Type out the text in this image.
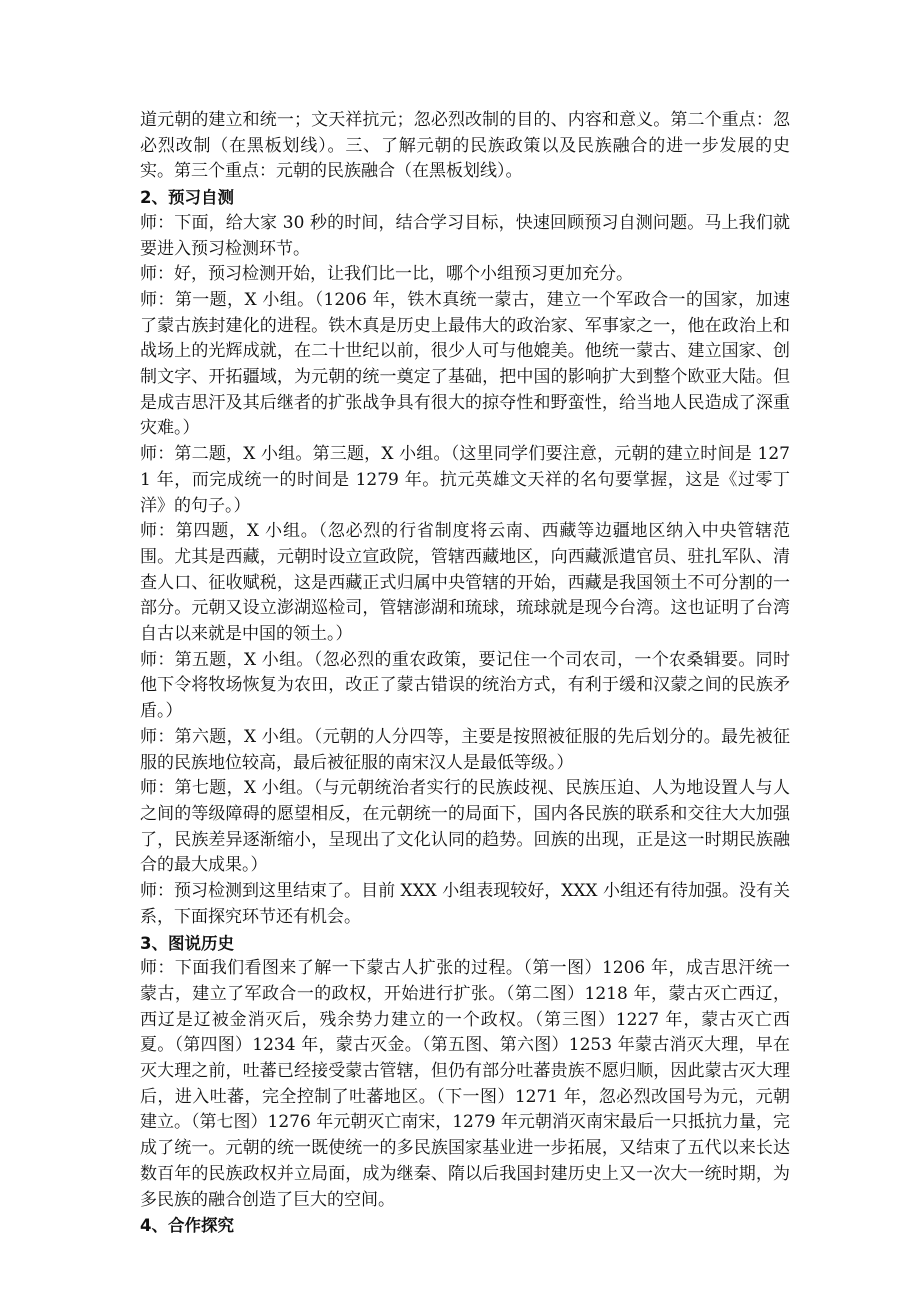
道元朝的建立和统一；文天祥抗元；忽必烈改制的目的、内容和意义。第二个重点：忽必烈改制（在黑板划线）。三、了解元朝的民族政策以及民族融合的进一步发展的史实。第三个重点：元朝的民族融合（在黑板划线）。

2、预习自测

师：下面，给大家 30 秒的时间，结合学习目标，快速回顾预习自测问题。马上我们就要进入预习检测环节。

师：好，预习检测开始，让我们比一比，哪个小组预习更加充分。

师：第一题，X 小组。（1206 年，铁木真统一蒙古，建立一个军政合一的国家，加速了蒙古族封建化的进程。铁木真是历史上最伟大的政治家、军事家之一，他在政治上和战场上的光辉成就，在二十世纪以前，很少人可与他媲美。他统一蒙古、建立国家、创制文字、开拓疆域，为元朝的统一奠定了基础，把中国的影响扩大到整个欧亚大陆。但是成吉思汗及其后继者的扩张战争具有很大的掠夺性和野蛮性，给当地人民造成了深重灾难。）

师：第二题，X 小组。第三题，X 小组。（这里同学们要注意，元朝的建立时间是 1271 年，而完成统一的时间是 1279 年。抗元英雄文天祥的名句要掌握，这是《过零丁洋》的句子。）

师：第四题，X 小组。（忽必烈的行省制度将云南、西藏等边疆地区纳入中央管辖范围。尤其是西藏，元朝时设立宣政院，管辖西藏地区，向西藏派遣官员、驻扎军队、清查人口、征收赋税，这是西藏正式归属中央管辖的开始，西藏是我国领土不可分割的一部分。元朝又设立澎湖巡检司，管辖澎湖和琉球，琉球就是现今台湾。这也证明了台湾自古以来就是中国的领土。）

师：第五题，X 小组。（忽必烈的重农政策，要记住一个司农司，一个农桑辑要。同时他下令将牧场恢复为农田，改正了蒙古错误的统治方式，有利于缓和汉蒙之间的民族矛盾。）

师：第六题，X 小组。（元朝的人分四等，主要是按照被征服的先后划分的。最先被征服的民族地位较高，最后被征服的南宋汉人是最低等级。）

师：第七题，X 小组。（与元朝统治者实行的民族歧视、民族压迫、人为地设置人与人之间的等级障碍的愿望相反，在元朝统一的局面下，国内各民族的联系和交往大大加强了，民族差异逐渐缩小，呈现出了文化认同的趋势。回族的出现，正是这一时期民族融合的最大成果。）

师：预习检测到这里结束了。目前 XXX 小组表现较好，XXX 小组还有待加强。没有关系，下面探究环节还有机会。

3、图说历史

师：下面我们看图来了解一下蒙古人扩张的过程。（第一图）1206 年，成吉思汗统一蒙古，建立了军政合一的政权，开始进行扩张。（第二图）1218 年，蒙古灭亡西辽，西辽是辽被金消灭后，残余势力建立的一个政权。（第三图）1227 年，蒙古灭亡西夏。（第四图）1234 年，蒙古灭金。（第五图、第六图）1253 年蒙古消灭大理，早在灭大理之前，吐蕃已经接受蒙古管辖，但仍有部分吐蕃贵族不愿归顺，因此蒙古灭大理后，进入吐蕃，完全控制了吐蕃地区。（下一图）1271 年，忽必烈改国号为元，元朝建立。（第七图）1276 年元朝灭亡南宋，1279 年元朝消灭南宋最后一只抵抗力量，完成了统一。元朝的统一既使统一的多民族国家基业进一步拓展，又结束了五代以来长达数百年的民族政权并立局面，成为继秦、隋以后我国封建历史上又一次大一统时期，为多民族的融合创造了巨大的空间。

4、合作探究
